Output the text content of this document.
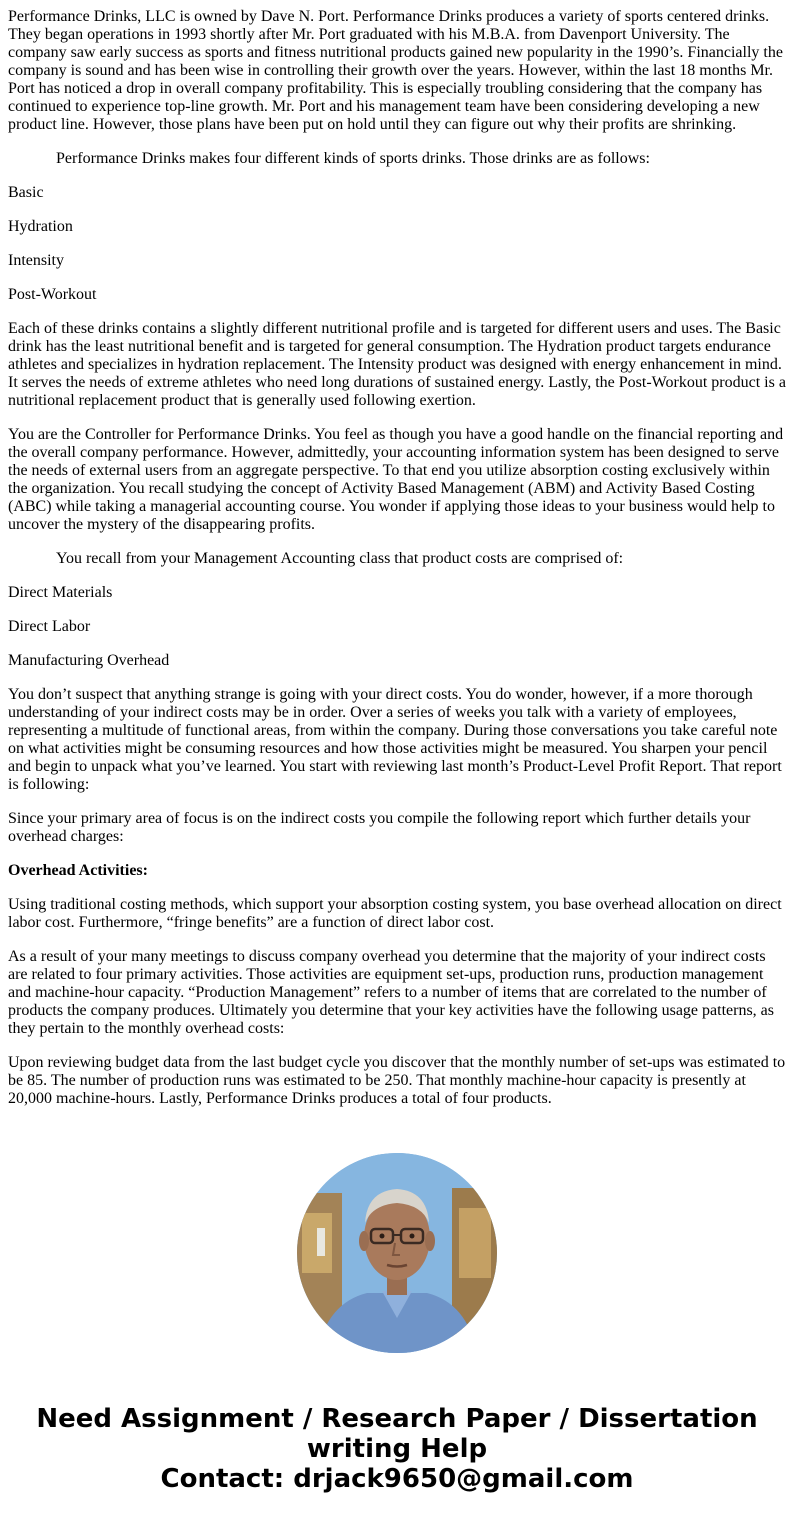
Performance Drinks, LLC is owned by Dave N. Port. Performance Drinks produces a variety of sports centered drinks. They began operations in 1993 shortly after Mr. Port graduated with his M.B.A. from Davenport University. The company saw early success as sports and fitness nutritional products gained new popularity in the 1990’s. Financially the company is sound and has been wise in controlling their growth over the years. However, within the last 18 months Mr. Port has noticed a drop in overall company profitability. This is especially troubling considering that the company has continued to experience top-line growth. Mr. Port and his management team have been considering developing a new product line. However, those plans have been put on hold until they can figure out why their profits are shrinking.

Performance Drinks makes four different kinds of sports drinks. Those drinks are as follows:

Basic

Hydration

Intensity

Post-Workout

Each of these drinks contains a slightly different nutritional profile and is targeted for different users and uses. The Basic drink has the least nutritional benefit and is targeted for general consumption. The Hydration product targets endurance athletes and specializes in hydration replacement. The Intensity product was designed with energy enhancement in mind. It serves the needs of extreme athletes who need long durations of sustained energy. Lastly, the Post-Workout product is a nutritional replacement product that is generally used following exertion.

You are the Controller for Performance Drinks. You feel as though you have a good handle on the financial reporting and the overall company performance. However, admittedly, your accounting information system has been designed to serve the needs of external users from an aggregate perspective. To that end you utilize absorption costing exclusively within the organization. You recall studying the concept of Activity Based Management (ABM) and Activity Based Costing (ABC) while taking a managerial accounting course. You wonder if applying those ideas to your business would help to uncover the mystery of the disappearing profits.

You recall from your Management Accounting class that product costs are comprised of:

Direct Materials

Direct Labor

Manufacturing Overhead

You don’t suspect that anything strange is going with your direct costs. You do wonder, however, if a more thorough understanding of your indirect costs may be in order. Over a series of weeks you talk with a variety of employees, representing a multitude of functional areas, from within the company. During those conversations you take careful note on what activities might be consuming resources and how those activities might be measured. You sharpen your pencil and begin to unpack what you’ve learned. You start with reviewing last month’s Product-Level Profit Report. That report is following:

Since your primary area of focus is on the indirect costs you compile the following report which further details your overhead charges:

Overhead Activities:

Using traditional costing methods, which support your absorption costing system, you base overhead allocation on direct labor cost. Furthermore, “fringe benefits” are a function of direct labor cost.

As a result of your many meetings to discuss company overhead you determine that the majority of your indirect costs are related to four primary activities. Those activities are equipment set-ups, production runs, production management and machine-hour capacity. “Production Management” refers to a number of items that are correlated to the number of products the company produces. Ultimately you determine that your key activities have the following usage patterns, as they pertain to the monthly overhead costs:

Upon reviewing budget data from the last budget cycle you discover that the monthly number of set-ups was estimated to be 85. The number of production runs was estimated to be 250. That monthly machine-hour capacity is presently at 20,000 machine-hours. Lastly, Performance Drinks produces a total of four products.

Need Assignment / Research Paper / Dissertation
writing Help
Contact: drjack9650@gmail.com
